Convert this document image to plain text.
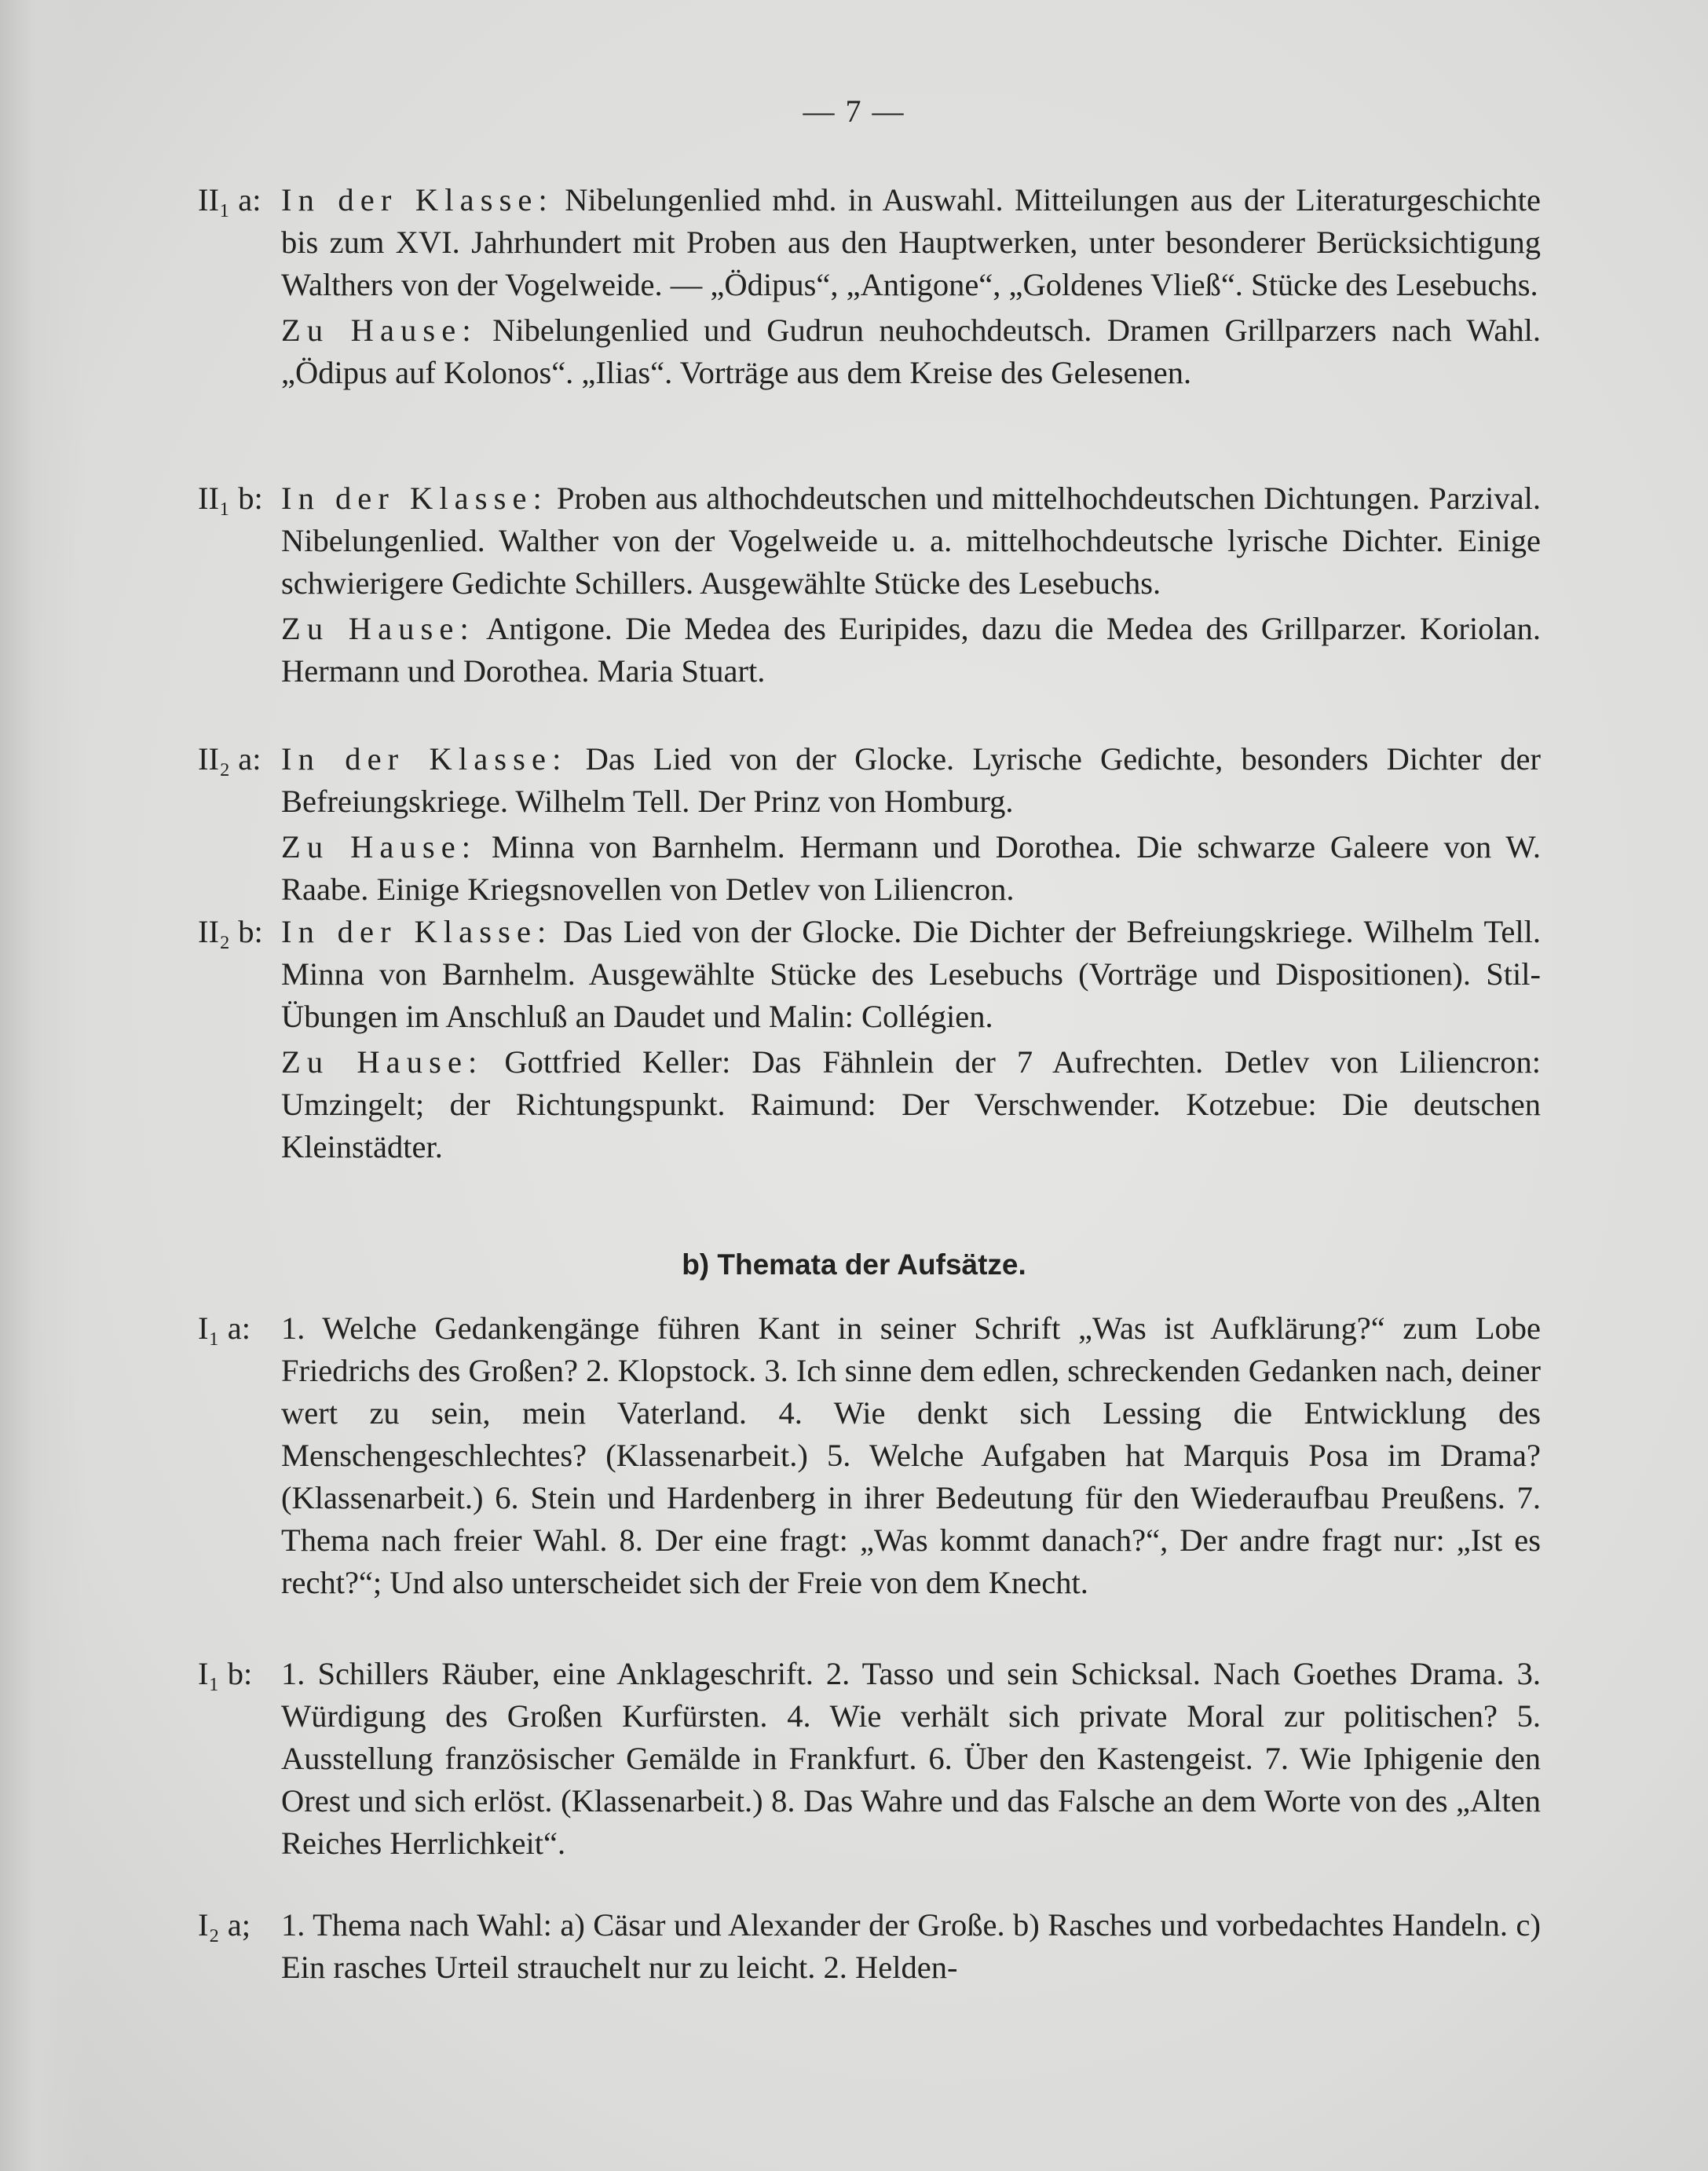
— 7 —
II₁ a: In der Klasse: Nibelungenlied mhd. in Auswahl. Mitteilungen aus der Literaturgeschichte bis zum XVI. Jahrhundert mit Proben aus den Hauptwerken, unter besonderer Berücksichtigung Walthers von der Vogelweide. — „Ödipus“, „Antigone“, „Goldenes Vließ“. Stücke des Lesebuchs.

Zu Hause: Nibelungenlied und Gudrun neuhochdeutsch. Dramen Grillparzers nach Wahl. „Ödipus auf Kolonos“. „Ilias“. Vorträge aus dem Kreise des Gelesenen.

II₁ b: In der Klasse: Proben aus althochdeutschen und mittelhochdeutschen Dichtungen. Parzival. Nibelungenlied. Walther von der Vogelweide u. a. mittelhochdeutsche lyrische Dichter. Einige schwierigere Gedichte Schillers. Ausgewählte Stücke des Lesebuchs.

Zu Hause: Antigone. Die Medea des Euripides, dazu die Medea des Grillparzer. Koriolan. Hermann und Dorothea. Maria Stuart.

II₂ a: In der Klasse: Das Lied von der Glocke. Lyrische Gedichte, besonders Dichter der Befreiungskriege. Wilhelm Tell. Der Prinz von Homburg.

Zu Hause: Minna von Barnhelm. Hermann und Dorothea. Die schwarze Galeere von W. Raabe. Einige Kriegsnovellen von Detlev von Liliencron.

II₂ b: In der Klasse: Das Lied von der Glocke. Die Dichter der Befreiungskriege. Wilhelm Tell. Minna von Barnhelm. Ausgewählte Stücke des Lesebuchs (Vorträge und Dispositionen). Stil-Übungen im Anschluß an Daudet und Malin: Collégien.

Zu Hause: Gottfried Keller: Das Fähnlein der 7 Aufrechten. Detlev von Liliencron: Umzingelt; der Richtungspunkt. Raimund: Der Verschwender. Kotzebue: Die deutschen Kleinstädter.

b) Themata der Aufsätze.
I₁ a: 1. Welche Gedankengänge führen Kant in seiner Schrift „Was ist Aufklärung?“ zum Lobe Friedrichs des Großen? 2. Klopstock. 3. Ich sinne dem edlen, schreckenden Gedanken nach, deiner wert zu sein, mein Vaterland. 4. Wie denkt sich Lessing die Entwicklung des Menschengeschlechtes? (Klassenarbeit.) 5. Welche Aufgaben hat Marquis Posa im Drama? (Klassenarbeit.) 6. Stein und Hardenberg in ihrer Bedeutung für den Wiederaufbau Preußens. 7. Thema nach freier Wahl. 8. Der eine fragt: „Was kommt danach?“, Der andre fragt nur: „Ist es recht?“; Und also unterscheidet sich der Freie von dem Knecht.

I₁ b: 1. Schillers Räuber, eine Anklageschrift. 2. Tasso und sein Schicksal. Nach Goethes Drama. 3. Würdigung des Großen Kurfürsten. 4. Wie verhält sich private Moral zur politischen? 5. Ausstellung französischer Gemälde in Frankfurt. 6. Über den Kastengeist. 7. Wie Iphigenie den Orest und sich erlöst. (Klassenarbeit.) 8. Das Wahre und das Falsche an dem Worte von des „Alten Reiches Herrlichkeit“.

I₂ a; 1. Thema nach Wahl: a) Cäsar und Alexander der Große. b) Rasches und vorbedachtes Handeln. c) Ein rasches Urteil strauchelt nur zu leicht. 2. Helden-
